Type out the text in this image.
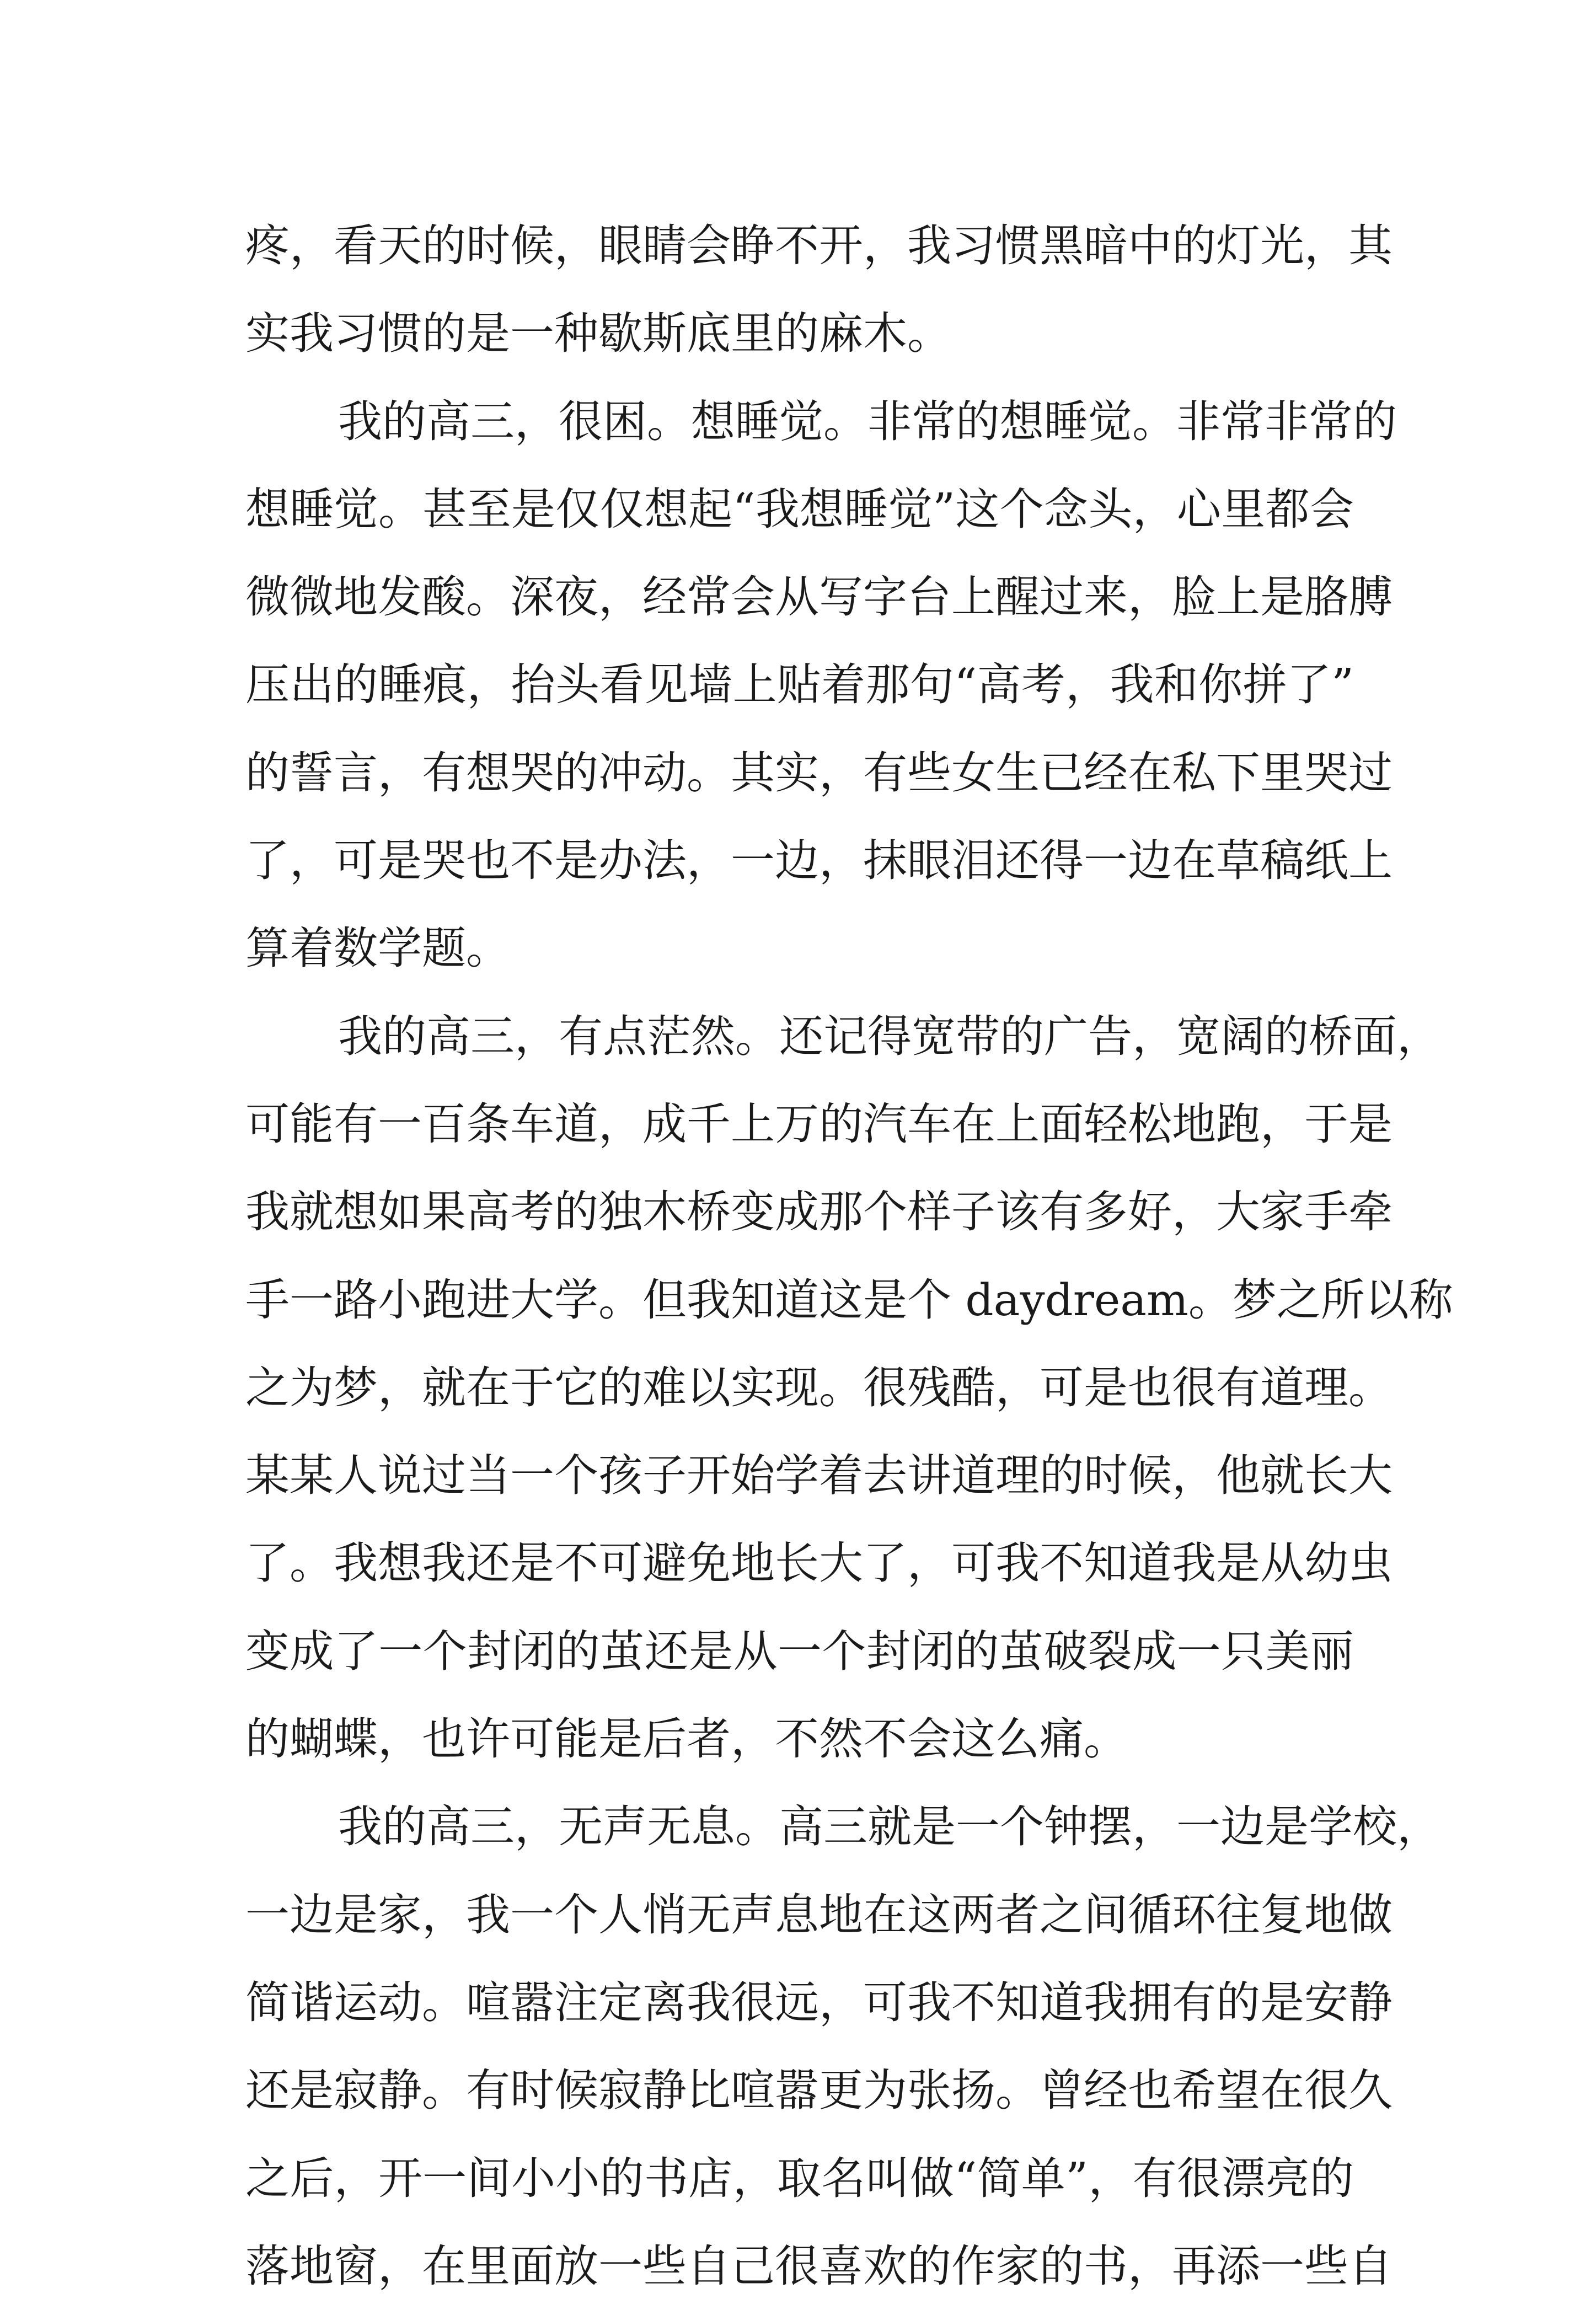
疼，看天的时候，眼睛会睁不开，我习惯黑暗中的灯光，其
实我习惯的是一种歇斯底里的麻木。
我的高三，很困。想睡觉。非常的想睡觉。非常非常的
想睡觉。甚至是仅仅想起“我想睡觉”这个念头，心里都会
微微地发酸。深夜，经常会从写字台上醒过来，脸上是胳膊
压出的睡痕，抬头看见墙上贴着那句“高考，我和你拼了”
的誓言，有想哭的冲动。其实，有些女生已经在私下里哭过
了，可是哭也不是办法，一边，抹眼泪还得一边在草稿纸上
算着数学题。
我的高三，有点茫然。还记得宽带的广告，宽阔的桥面，
可能有一百条车道，成千上万的汽车在上面轻松地跑，于是
我就想如果高考的独木桥变成那个样子该有多好，大家手牵
手一路小跑进大学。但我知道这是个 daydream。梦之所以称
之为梦，就在于它的难以实现。很残酷，可是也很有道理。
某某人说过当一个孩子开始学着去讲道理的时候，他就长大
了。我想我还是不可避免地长大了，可我不知道我是从幼虫
变成了一个封闭的茧还是从一个封闭的茧破裂成一只美丽
的蝴蝶，也许可能是后者，不然不会这么痛。
我的高三，无声无息。高三就是一个钟摆，一边是学校，
一边是家，我一个人悄无声息地在这两者之间循环往复地做
简谐运动。喧嚣注定离我很远，可我不知道我拥有的是安静
还是寂静。有时候寂静比喧嚣更为张扬。曾经也希望在很久
之后，开一间小小的书店，取名叫做“简单”，有很漂亮的
落地窗，在里面放一些自己很喜欢的作家的书，再添一些自
